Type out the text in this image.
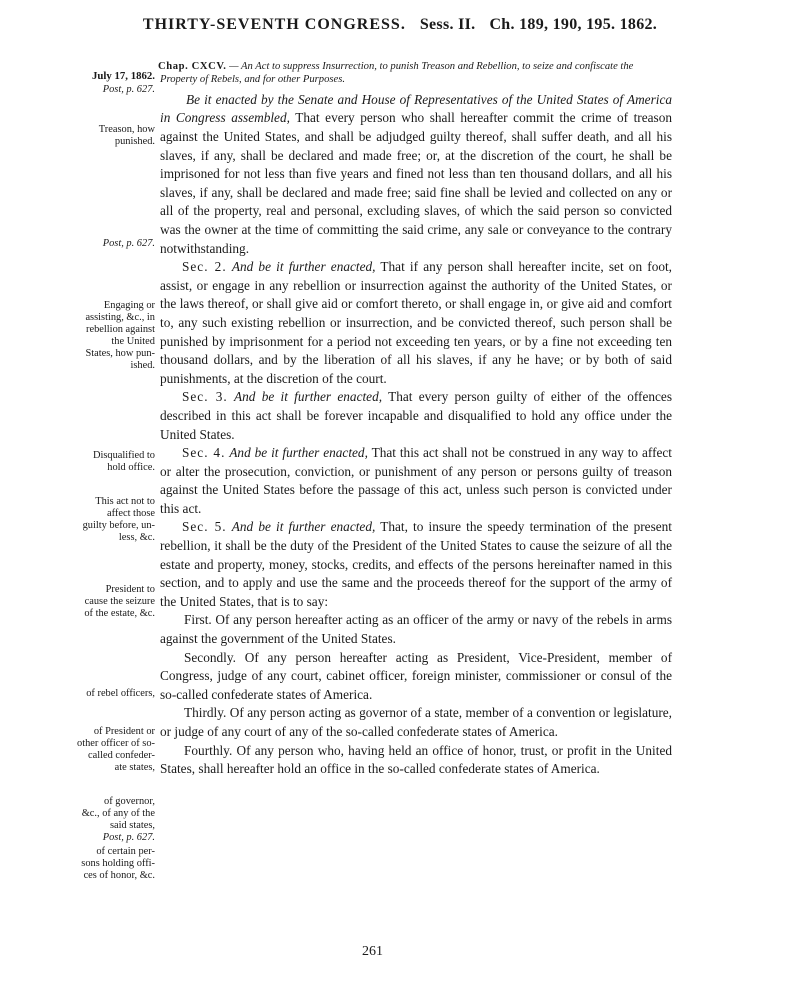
THIRTY-SEVENTH CONGRESS. Sess. II. Ch. 189, 190, 195. 1862.
July 17, 1862.
Post, p. 627.
Treason, how
punished.
Post, p. 627.
Engaging or
assisting, &c., in
rebellion against
the United
States, how pun-
ished.
Disqualified to
hold office.
This act not to
affect those
guilty before, un-
less, &c.
President to
cause the seizure
of the estate, &c.
of rebel officers,
of President or
other officer of so-
called confeder-
ate states,
of governor,
&c., of any of the
said states,
Post, p. 627.
of certain per-
sons holding offi-
ces of honor, &c.
Chap. CXCV. — An Act to suppress Insurrection, to punish Treason and Rebellion, to seize and confiscate the Property of Rebels, and for other Purposes.

Be it enacted by the Senate and House of Representatives of the United States of America in Congress assembled, That every person who shall hereafter commit the crime of treason against the United States, and shall be adjudged guilty thereof, shall suffer death, and all his slaves, if any, shall be declared and made free; or, at the discretion of the court, he shall be imprisoned for not less than five years and fined not less than ten thousand dollars, and all his slaves, if any, shall be declared and made free; said fine shall be levied and collected on any or all of the property, real and personal, excluding slaves, of which the said person so convicted was the owner at the time of committing the said crime, any sale or conveyance to the contrary notwithstanding.

Sec. 2. And be it further enacted, That if any person shall hereafter incite, set on foot, assist, or engage in any rebellion or insurrection against the authority of the United States, or the laws thereof, or shall give aid or comfort thereto, or shall engage in, or give aid and comfort to, any such existing rebellion or insurrection, and be convicted thereof, such person shall be punished by imprisonment for a period not exceeding ten years, or by a fine not exceeding ten thousand dollars, and by the liberation of all his slaves, if any he have; or by both of said punishments, at the discretion of the court.

Sec. 3. And be it further enacted, That every person guilty of either of the offences described in this act shall be forever incapable and disqualified to hold any office under the United States.

Sec. 4. And be it further enacted, That this act shall not be construed in any way to affect or alter the prosecution, conviction, or punishment of any person or persons guilty of treason against the United States before the passage of this act, unless such person is convicted under this act.

Sec. 5. And be it further enacted, That, to insure the speedy termination of the present rebellion, it shall be the duty of the President of the United States to cause the seizure of all the estate and property, money, stocks, credits, and effects of the persons hereinafter named in this section, and to apply and use the same and the proceeds thereof for the support of the army of the United States, that is to say:

First. Of any person hereafter acting as an officer of the army or navy of the rebels in arms against the government of the United States.

Secondly. Of any person hereafter acting as President, Vice-President, member of Congress, judge of any court, cabinet officer, foreign minister, commissioner or consul of the so-called confederate states of America.

Thirdly. Of any person acting as governor of a state, member of a convention or legislature, or judge of any court of any of the so-called confederate states of America.

Fourthly. Of any person who, having held an office of honor, trust, or profit in the United States, shall hereafter hold an office in the so-called confederate states of America.

261
